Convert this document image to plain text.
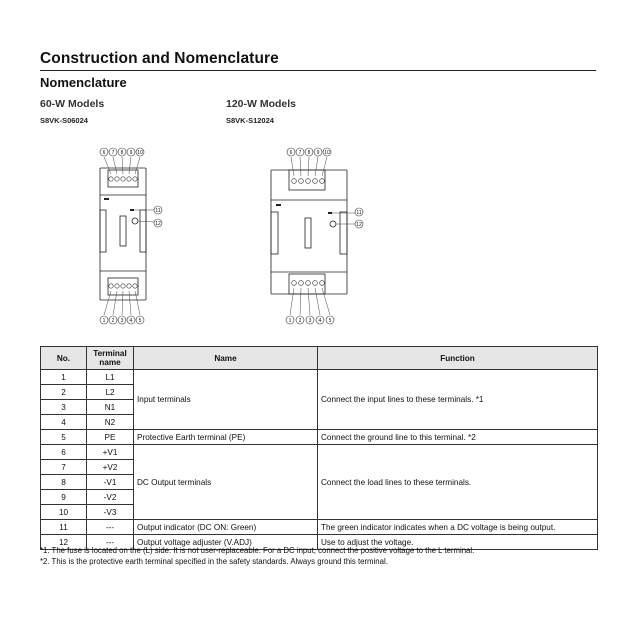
Construction and Nomenclature
Nomenclature
60-W Models
S8VK-S06024
120-W Models
S8VK-S12024
6 7 8 9 10
1 2 3 4 5
11
12
6 7 8 9 10
1 2 3 4 5
11
12
No.	Terminal name	Name	Function
1	L1	Input terminals	Connect the input lines to these terminals. *1
2	L2		
3	N1		
4	N2		
5	PE	Protective Earth terminal (PE)	Connect the ground line to this terminal. *2
6	+V1	DC Output terminals	Connect the load lines to these terminals.
7	+V2		
8	-V1		
9	-V2		
10	-V3		
11	---	Output indicator (DC ON: Green)	The green indicator indicates when a DC voltage is being output.
12	---	Output voltage adjuster (V.ADJ)	Use to adjust the voltage.
*1. The fuse is located on the (L) side. It is not user-replaceable. For a DC input, connect the positive voltage to the L terminal.
*2. This is the protective earth terminal specified in the safety standards. Always ground this terminal.
